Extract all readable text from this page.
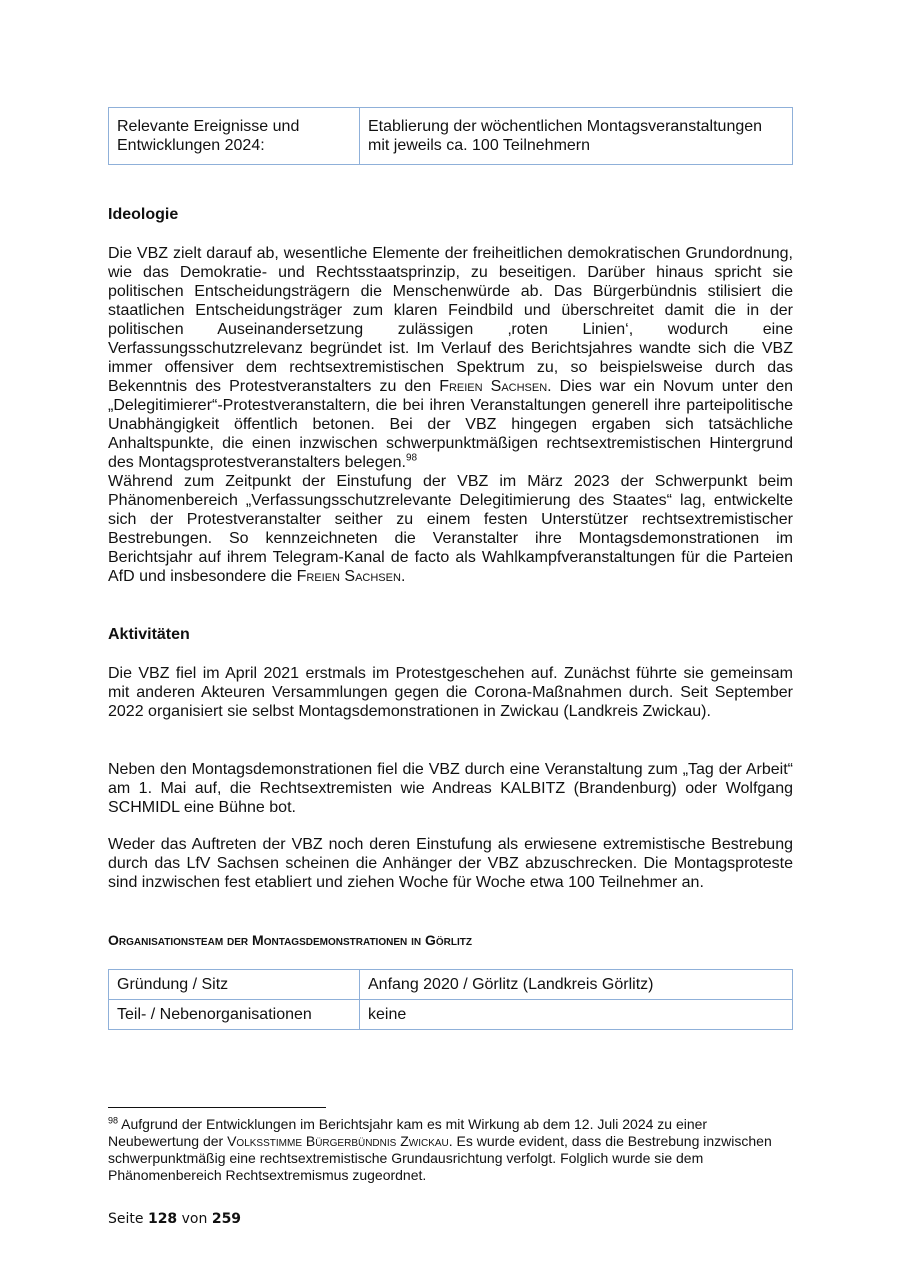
Relevante Ereignisse und Entwicklungen 2024:	Etablierung der wöchentlichen Montagsveranstaltungen mit jeweils ca. 100 Teilnehmern
Ideologie

Die VBZ zielt darauf ab, wesentliche Elemente der freiheitlichen demokratischen Grundordnung, wie das Demokratie- und Rechtsstaatsprinzip, zu beseitigen. Darüber hinaus spricht sie politischen Entscheidungsträgern die Menschenwürde ab. Das Bürgerbündnis stilisiert die staatlichen Entscheidungsträger zum klaren Feindbild und überschreitet damit die in der politischen Auseinandersetzung zulässigen ‚roten Linien‘, wodurch eine Verfassungsschutzrelevanz begründet ist. Im Verlauf des Berichtsjahres wandte sich die VBZ immer offensiver dem rechtsextremistischen Spektrum zu, so beispielsweise durch das Bekenntnis des Protestveranstalters zu den Freien Sachsen. Dies war ein Novum unter den „Delegitimierer“-Protestveranstaltern, die bei ihren Veranstaltungen generell ihre parteipolitische Unabhängigkeit öffentlich betonen. Bei der VBZ hingegen ergaben sich tatsächliche Anhaltspunkte, die einen inzwischen schwerpunktmäßigen rechtsextremistischen Hintergrund des Montagsprotestveranstalters belegen.$^{98}$

Während zum Zeitpunkt der Einstufung der VBZ im März 2023 der Schwerpunkt beim Phänomenbereich „Verfassungsschutzrelevante Delegitimierung des Staates“ lag, entwickelte sich der Protestveranstalter seither zu einem festen Unterstützer rechtsextremistischer Bestrebungen. So kennzeichneten die Veranstalter ihre Montagsdemonstrationen im Berichtsjahr auf ihrem Telegram-Kanal de facto als Wahlkampfveranstaltungen für die Parteien AfD und insbesondere die Freien Sachsen.

Aktivitäten
Die VBZ fiel im April 2021 erstmals im Protestgeschehen auf. Zunächst führte sie gemeinsam mit anderen Akteuren Versammlungen gegen die Corona-Maßnahmen durch. Seit September 2022 organisiert sie selbst Montagsdemonstrationen in Zwickau (Landkreis Zwickau).
Neben den Montagsdemonstrationen fiel die VBZ durch eine Veranstaltung zum „Tag der Arbeit“ am 1. Mai auf, die Rechtsextremisten wie Andreas KALBITZ (Brandenburg) oder Wolfgang SCHMIDL eine Bühne bot.
Weder das Auftreten der VBZ noch deren Einstufung als erwiesene extremistische Bestrebung durch das LfV Sachsen scheinen die Anhänger der VBZ abzuschrecken. Die Montagsproteste sind inzwischen fest etabliert und ziehen Woche für Woche etwa 100 Teilnehmer an.
Organisationsteam der Montagsdemonstrationen in Görlitz
Gründung / Sitz	Anfang 2020 / Görlitz (Landkreis Görlitz)
Teil- / Nebenorganisationen	keine
$^{98}$ Aufgrund der Entwicklungen im Berichtsjahr kam es mit Wirkung ab dem 12. Juli 2024 zu einer Neubewertung der Volksstimme Bürgerbündnis Zwickau. Es wurde evident, dass die Bestrebung inzwischen schwerpunktmäßig eine rechtsextremistische Grundausrichtung verfolgt. Folglich wurde sie dem Phänomenbereich Rechtsextremismus zugeordnet.
Seite 128 von 259
